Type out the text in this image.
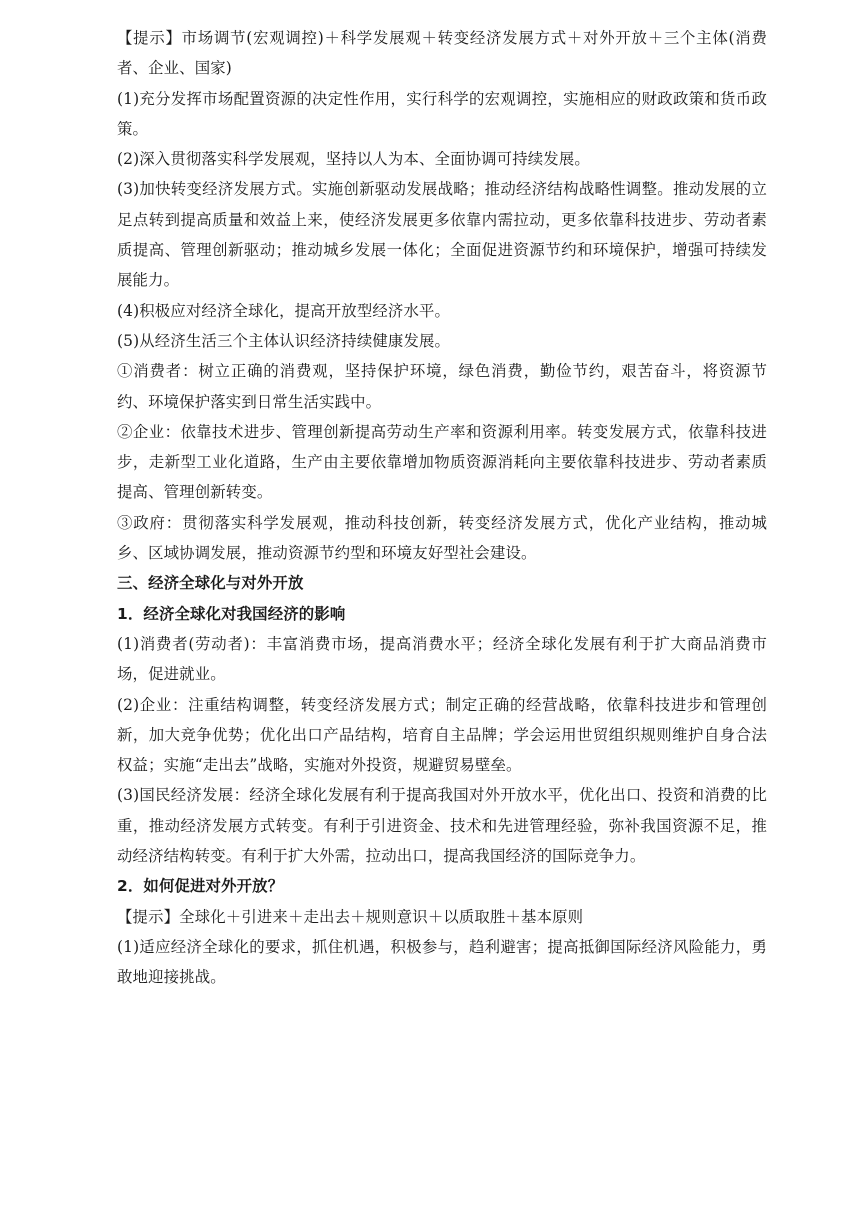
【提示】市场调节(宏观调控)＋科学发展观＋转变经济发展方式＋对外开放＋三个主体(消费者、企业、国家)

(1)充分发挥市场配置资源的决定性作用，实行科学的宏观调控，实施相应的财政政策和货币政策。

(2)深入贯彻落实科学发展观，坚持以人为本、全面协调可持续发展。

(3)加快转变经济发展方式。实施创新驱动发展战略；推动经济结构战略性调整。推动发展的立足点转到提高质量和效益上来，使经济发展更多依靠内需拉动，更多依靠科技进步、劳动者素质提高、管理创新驱动；推动城乡发展一体化；全面促进资源节约和环境保护，增强可持续发展能力。

(4)积极应对经济全球化，提高开放型经济水平。

(5)从经济生活三个主体认识经济持续健康发展。

①消费者：树立正确的消费观，坚持保护环境，绿色消费，勤俭节约，艰苦奋斗，将资源节约、环境保护落实到日常生活实践中。

②企业：依靠技术进步、管理创新提高劳动生产率和资源利用率。转变发展方式，依靠科技进步，走新型工业化道路，生产由主要依靠增加物质资源消耗向主要依靠科技进步、劳动者素质提高、管理创新转变。

③政府：贯彻落实科学发展观，推动科技创新，转变经济发展方式，优化产业结构，推动城乡、区域协调发展，推动资源节约型和环境友好型社会建设。

三、经济全球化与对外开放

1．经济全球化对我国经济的影响

(1)消费者(劳动者)：丰富消费市场，提高消费水平；经济全球化发展有利于扩大商品消费市场，促进就业。

(2)企业：注重结构调整，转变经济发展方式；制定正确的经营战略，依靠科技进步和管理创新，加大竞争优势；优化出口产品结构，培育自主品牌；学会运用世贸组织规则维护自身合法权益；实施“走出去”战略，实施对外投资，规避贸易壁垒。

(3)国民经济发展：经济全球化发展有利于提高我国对外开放水平，优化出口、投资和消费的比重，推动经济发展方式转变。有利于引进资金、技术和先进管理经验，弥补我国资源不足，推动经济结构转变。有利于扩大外需，拉动出口，提高我国经济的国际竞争力。

2．如何促进对外开放？

【提示】全球化＋引进来＋走出去＋规则意识＋以质取胜＋基本原则

(1)适应经济全球化的要求，抓住机遇，积极参与，趋利避害；提高抵御国际经济风险能力，勇敢地迎接挑战。
